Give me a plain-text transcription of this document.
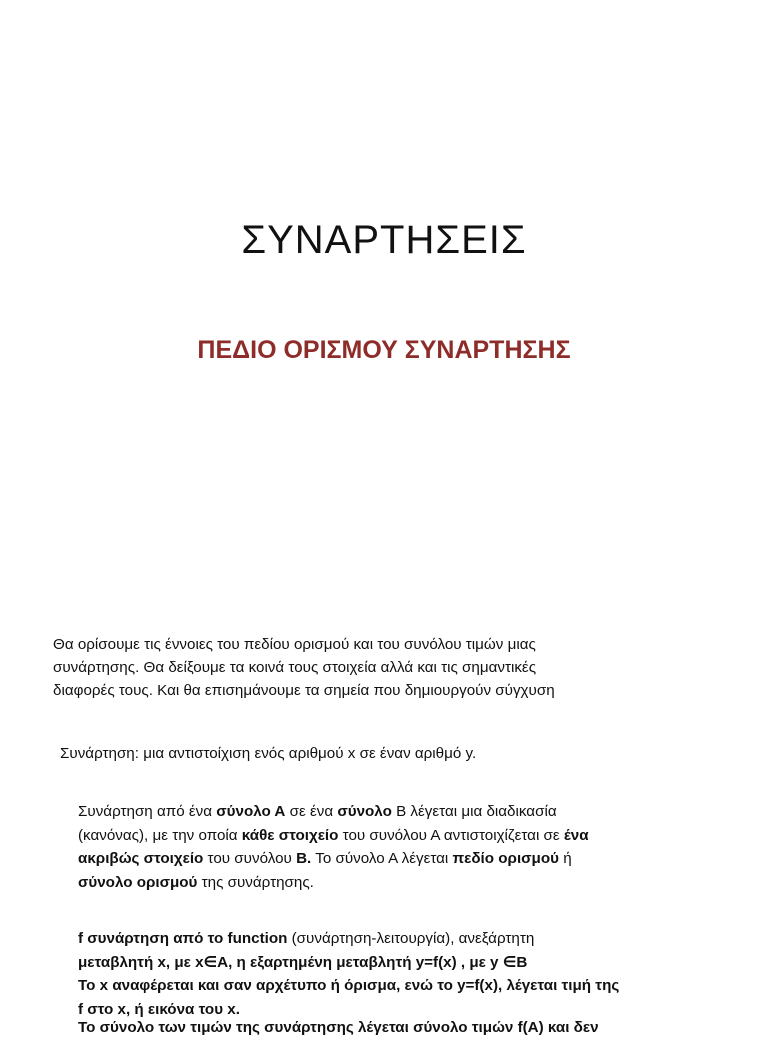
ΣΥΝΑΡΤΗΣΕΙΣ
ΠΕΔΙΟ ΟΡΙΣΜΟΥ ΣΥΝΑΡΤΗΣΗΣ

Θα ορίσουμε τις έννοιες του πεδίου ορισμού και του συνόλου τιμών μιας
συνάρτησης. Θα δείξουμε τα κοινά τους στοιχεία αλλά και τις σημαντικές
διαφορές τους. Και θα επισημάνουμε τα σημεία που δημιουργούν σύγχυση

Συνάρτηση: μια αντιστοίχιση ενός αριθμού x σε έναν αριθμό y.

Συνάρτηση από ένα σύνολο Α σε ένα σύνολο Β λέγεται μια διαδικασία
(κανόνας), με την οποία κάθε στοιχείο του συνόλου Α αντιστοιχίζεται σε ένα
ακριβώς στοιχείο του συνόλου Β. Το σύνολο Α λέγεται πεδίο ορισμού ή
σύνολο ορισμού της συνάρτησης.

f συνάρτηση από το function (συνάρτηση-λειτουργία), ανεξάρτητη
μεταβλητή x, με x∈A, η εξαρτημένη μεταβλητή y=f(x) , με y ∈B
Το x αναφέρεται και σαν αρχέτυπο ή όρισμα, ενώ το y=f(x), λέγεται τιμή της
f στο x, ή εικόνα του x.

Το σύνολο των τιμών της συνάρτησης λέγεται σύνολο τιμών f(A) και δεν
